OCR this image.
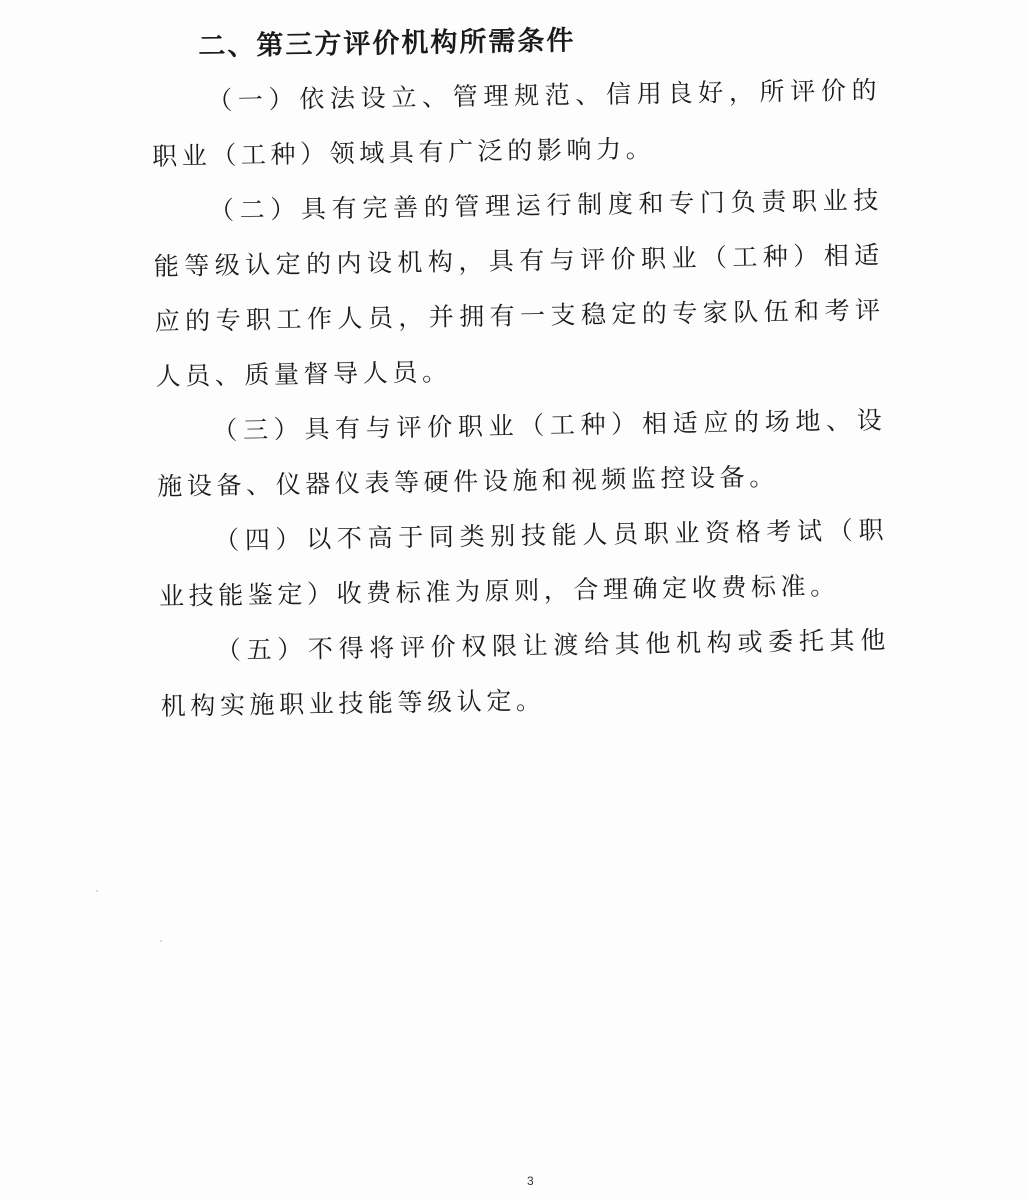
二、第三方评价机构所需条件

（一）依法设立、管理规范、信用良好，所评价的职业（工种）领域具有广泛的影响力。

（二）具有完善的管理运行制度和专门负责职业技能等级认定的内设机构，具有与评价职业（工种）相适应的专职工作人员，并拥有一支稳定的专家队伍和考评人员、质量督导人员。

（三）具有与评价职业（工种）相适应的场地、设施设备、仪器仪表等硬件设施和视频监控设备。

（四）以不高于同类别技能人员职业资格考试（职业技能鉴定）收费标准为原则，合理确定收费标准。

（五）不得将评价权限让渡给其他机构或委托其他机构实施职业技能等级认定。

3
